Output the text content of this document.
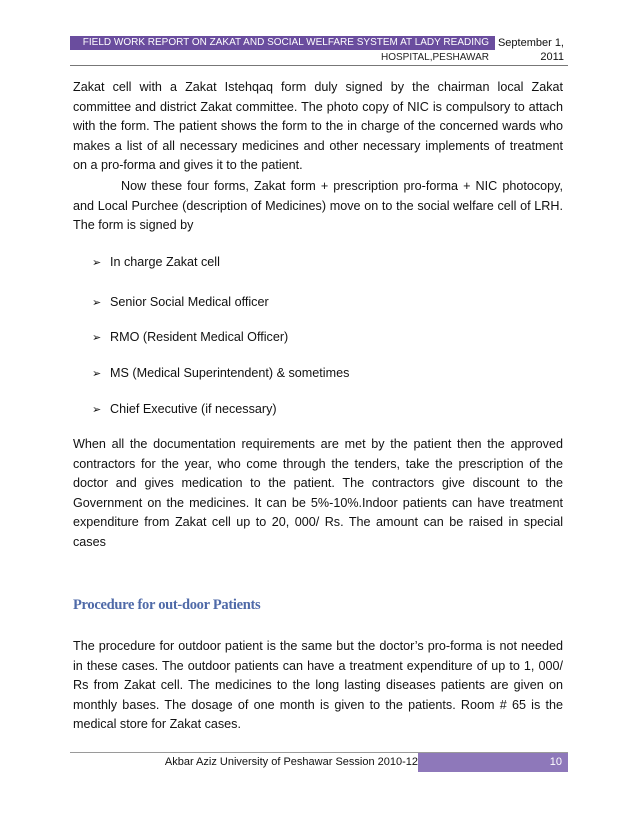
FIELD WORK REPORT ON ZAKAT AND SOCIAL WELFARE SYSTEM AT LADY READING
HOSPITAL,PESHAWAR
September 1,
2011
Zakat cell with a Zakat Istehqaq form duly signed by the chairman local Zakat committee and district Zakat committee. The photo copy of NIC is compulsory to attach with the form. The patient shows the form to the in charge of the concerned wards who makes a list of all necessary medicines and other necessary implements of treatment on a pro-forma and gives it to the patient.
Now these four forms, Zakat form + prescription pro-forma + NIC photocopy, and Local Purchee (description of Medicines) move on to the social welfare cell of LRH. The form is signed by
➢ In charge Zakat cell
➢ Senior Social Medical officer
➢ RMO (Resident Medical Officer)
➢ MS (Medical Superintendent) & sometimes
➢ Chief Executive (if necessary)
When all the documentation requirements are met by the patient then the approved contractors for the year, who come through the tenders, take the prescription of the doctor and gives medication to the patient. The contractors give discount to the Government on the medicines. It can be 5%-10%.Indoor patients can have treatment expenditure from Zakat cell up to 20, 000/ Rs. The amount can be raised in special cases
Procedure for out-door Patients
The procedure for outdoor patient is the same but the doctor’s pro-forma is not needed in these cases. The outdoor patients can have a treatment expenditure of up to 1, 000/ Rs from Zakat cell. The medicines to the long lasting diseases patients are given on monthly bases. The dosage of one month is given to the patients. Room # 65 is the medical store for Zakat cases.
Akbar Aziz University of Peshawar Session 2010-12	10
